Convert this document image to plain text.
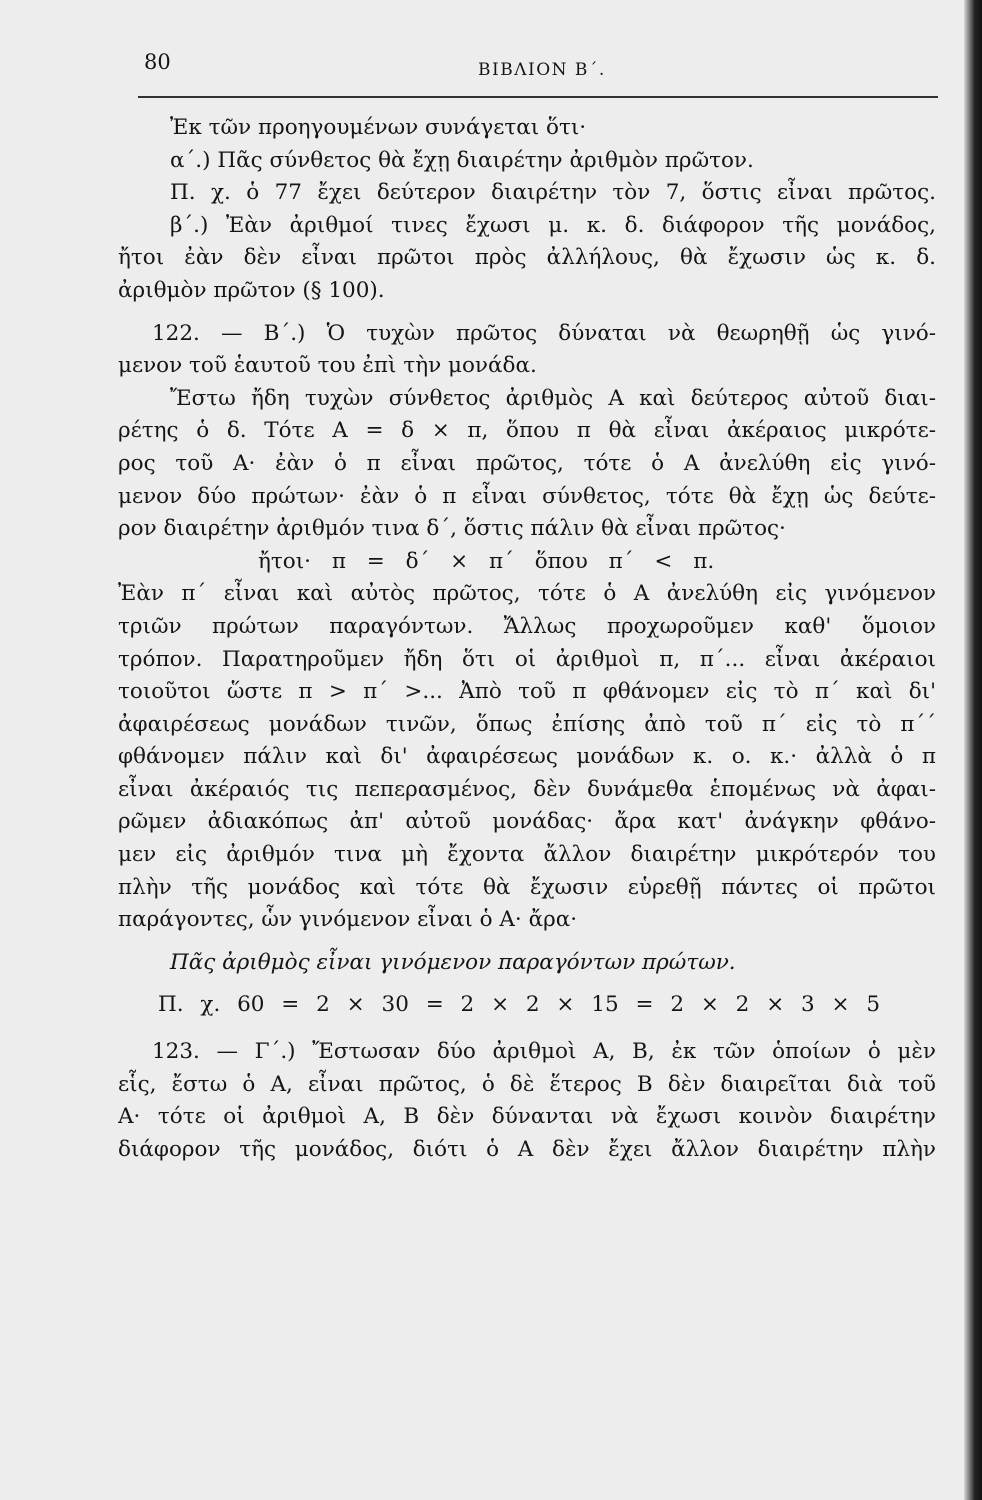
80	ΒΙΒΛΙΟΝ Β΄.
Ἐκ τῶν προηγουμένων συνάγεται ὅτι·
α΄.) Πᾶς σύνθετος θὰ ἔχῃ διαιρέτην ἀριθμὸν πρῶτον.
Π. χ. ὁ 77 ἔχει δεύτερον διαιρέτην τὸν 7, ὅστις εἶναι πρῶτος.
β΄.) Ἐὰν ἀριθμοί τινες ἔχωσι μ. κ. δ. διάφορον τῆς μονάδος,
ἤτοι ἐὰν δὲν εἶναι πρῶτοι πρὸς ἀλλήλους, θὰ ἔχωσιν ὡς κ. δ.
ἀριθμὸν πρῶτον (§ 100).
122. — Β΄.) Ὁ τυχὼν πρῶτος δύναται νὰ θεωρηθῇ ὡς γινό-
μενον τοῦ ἑαυτοῦ του ἐπὶ τὴν μονάδα.
Ἔστω ἤδη τυχὼν σύνθετος ἀριθμὸς Α καὶ δεύτερος αὐτοῦ διαι-
ρέτης ὁ δ. Τότε Α = δ × π, ὅπου π θὰ εἶναι ἀκέραιος μικρότε-
ρος τοῦ Α· ἐὰν ὁ π εἶναι πρῶτος, τότε ὁ Α ἀνελύθη εἰς γινό-
μενον δύο πρώτων· ἐὰν ὁ π εἶναι σύνθετος, τότε θὰ ἔχῃ ὡς δεύτε-
ρον διαιρέτην ἀριθμόν τινα δ΄, ὅστις πάλιν θὰ εἶναι πρῶτος·
ἤτοι· π = δ΄ × π΄ ὅπου π΄ < π.
Ἐὰν π΄ εἶναι καὶ αὐτὸς πρῶτος, τότε ὁ Α ἀνελύθη εἰς γινόμενον
τριῶν πρώτων παραγόντων. Ἄλλως προχωροῦμεν καθ' ὅμοιον
τρόπον. Παρατηροῦμεν ἤδη ὅτι οἱ ἀριθμοὶ π, π΄... εἶναι ἀκέραιοι
τοιοῦτοι ὥστε π > π΄ >... Ἀπὸ τοῦ π φθάνομεν εἰς τὸ π΄ καὶ δι'
ἀφαιρέσεως μονάδων τινῶν, ὅπως ἐπίσης ἀπὸ τοῦ π΄ εἰς τὸ π΄΄
φθάνομεν πάλιν καὶ δι' ἀφαιρέσεως μονάδων κ. ο. κ.· ἀλλὰ ὁ π
εἶναι ἀκέραιός τις πεπερασμένος, δὲν δυνάμεθα ἑπομένως νὰ ἀφαι-
ρῶμεν ἀδιακόπως ἀπ' αὐτοῦ μονάδας· ἄρα κατ' ἀνάγκην φθάνο-
μεν εἰς ἀριθμόν τινα μὴ ἔχοντα ἄλλον διαιρέτην μικρότερόν του
πλὴν τῆς μονάδος καὶ τότε θὰ ἔχωσιν εὑρεθῇ πάντες οἱ πρῶτοι
παράγοντες, ὧν γινόμενον εἶναι ὁ Α· ἄρα·
Πᾶς ἀριθμὸς εἶναι γινόμενον παραγόντων πρώτων.
Π. χ. 60 = 2 × 30 = 2 × 2 × 15 = 2 × 2 × 3 × 5
123. — Γ΄.) Ἔστωσαν δύο ἀριθμοὶ Α, Β, ἐκ τῶν ὁποίων ὁ μὲν
εἷς, ἔστω ὁ Α, εἶναι πρῶτος, ὁ δὲ ἕτερος Β δὲν διαιρεῖται διὰ τοῦ
Α· τότε οἱ ἀριθμοὶ Α, Β δὲν δύνανται νὰ ἔχωσι κοινὸν διαιρέτην
διάφορον τῆς μονάδος, διότι ὁ Α δὲν ἔχει ἄλλον διαιρέτην πλὴν
